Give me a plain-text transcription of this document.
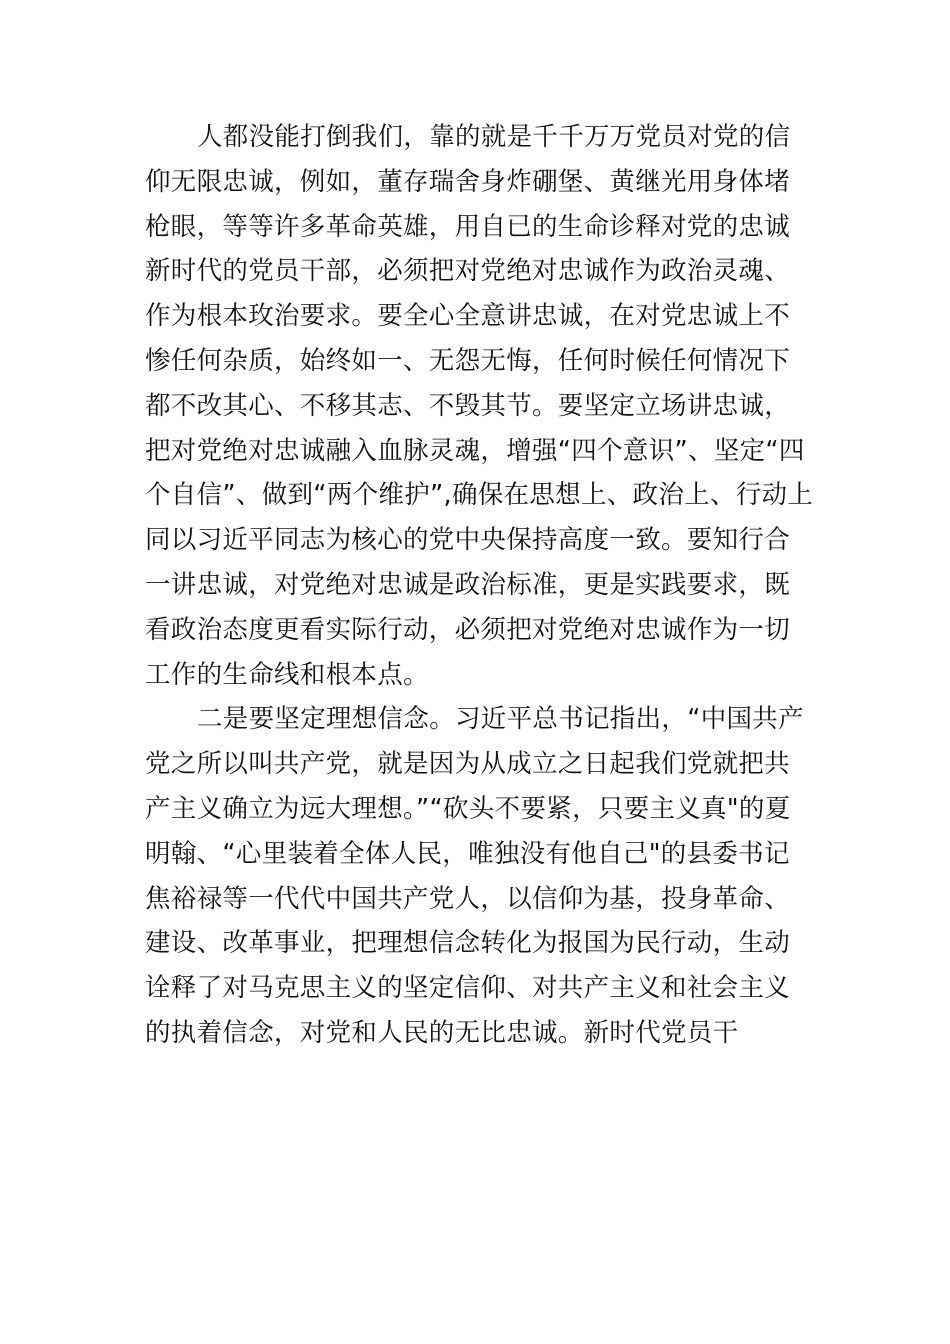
人都没能打倒我们，靠的就是千千万万党员对党的信
仰无限忠诚，例如，董存瑞舍身炸硼堡、黄继光用身体堵
枪眼，等等许多革命英雄，用自已的生命诊释对党的忠诚
新时代的党员干部，必须把对党绝对忠诚作为政治灵魂、
作为根本玫治要求。要全心全意讲忠诚，在对党忠诚上不
惨任何杂质，始终如一、无怨无悔，任何时候任何情况下
都不改其心、不移其志、不毁其节。要坚定立场讲忠诚，
把对党绝对忠诚融入血脉灵魂，增强“四个意识”、坚定“四
个自信”、做到“两个维护”,确保在思想上、政治上、行动上
同以习近平同志为核心的党中央保持高度一致。要知行合
一讲忠诚，对党绝对忠诚是政治标准，更是实践要求，既
看政治态度更看实际行动，必须把对党绝对忠诚作为一切
工作的生命线和根本点。
二是要坚定理想信念。习近平总书记指出，“中国共产
党之所以叫共产党，就是因为从成立之日起我们党就把共
产主义确立为远大理想。”“砍头不要紧，只要主义真"的夏
明翰、“心里装着全体人民，唯独没有他自己"的县委书记
焦裕禄等一代代中国共产党人，以信仰为基，投身革命、
建设、改革事业，把理想信念转化为报国为民行动，生动
诠释了对马克思主义的坚定信仰、对共产主义和社会主义
的执着信念，对党和人民的无比忠诚。新时代党员干
